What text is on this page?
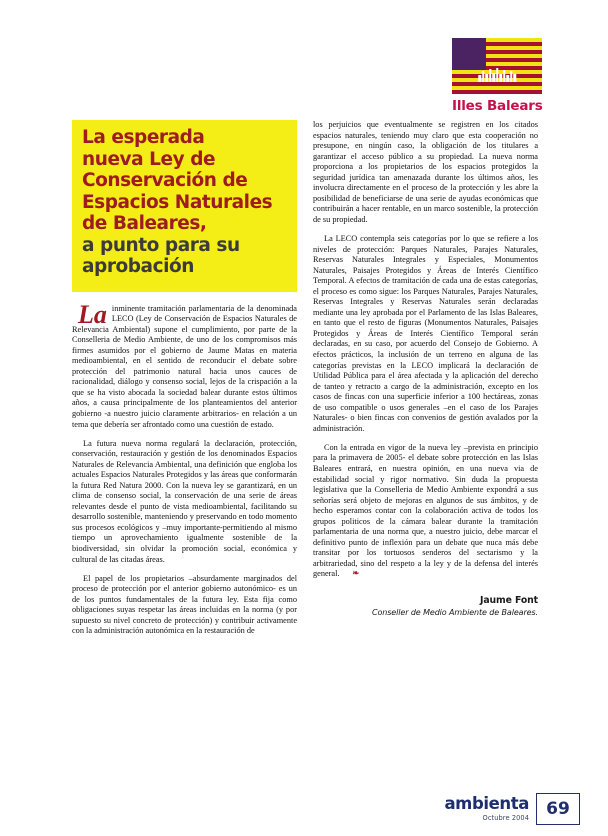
Illes Balears
La esperada
nueva Ley de
Conservación de
Espacios Naturales
de Baleares,
a punto para su
aprobación

La inminente tramitación parlamentaria de la denominada LECO (Ley de Conservación de Espacios Naturales de Relevancia Ambiental) supone el cumplimiento, por parte de la Conselleria de Medio Ambiente, de uno de los compromisos más firmes asumidos por el gobierno de Jaume Matas en materia medioambiental, en el sentido de reconducir el debate sobre protección del patrimonio natural hacia unos cauces de racionalidad, diálogo y consenso social, lejos de la crispación a la que se ha visto abocada la sociedad balear durante estos últimos años, a causa principalmente de los planteamientos del anterior gobierno -a nuestro juicio claramente arbitrarios- en relación a un tema que debería ser afrontado como una cuestión de estado.

La futura nueva norma regulará la declaración, protección, conservación, restauración y gestión de los denominados Espacios Naturales de Relevancia Ambiental, una definición que engloba los actuales Espacios Naturales Protegidos y las áreas que conformarán la futura Red Natura 2000. Con la nueva ley se garantizará, en un clima de consenso social, la conservación de una serie de áreas relevantes desde el punto de vista medioambiental, facilitando su desarrollo sostenible, manteniendo y preservando en todo momento sus procesos ecológicos y –muy importante-permitiendo al mismo tiempo un aprovechamiento igualmente sostenible de la biodiversidad, sin olvidar la promoción social, económica y cultural de las citadas áreas.

El papel de los propietarios –absurdamente marginados del proceso de protección por el anterior gobierno autonómico- es un de los puntos fundamentales de la futura ley. Esta fija como obligaciones suyas respetar las áreas incluidas en la norma (y por supuesto su nivel concreto de protección) y contribuir activamente con la administración autonómica en la restauración de

los perjuicios que eventualmente se registren en los citados espacios naturales, teniendo muy claro que esta cooperación no presupone, en ningún caso, la obligación de los titulares a garantizar el acceso público a su propiedad. La nueva norma proporciona a los propietarios de los espacios protegidos la seguridad jurídica tan amenazada durante los últimos años, les involucra directamente en el proceso de la protección y les abre la posibilidad de beneficiarse de una serie de ayudas económicas que contribuirán a hacer rentable, en un marco sostenible, la protección de su propiedad.

La LECO contempla seis categorías por lo que se refiere a los niveles de protección: Parques Naturales, Parajes Naturales, Reservas Naturales Integrales y Especiales, Monumentos Naturales, Paisajes Protegidos y Áreas de Interés Científico Temporal. A efectos de tramitación de cada una de estas categorías, el proceso es como sigue: los Parques Naturales, Parajes Naturales, Reservas Integrales y Reservas Naturales serán declaradas mediante una ley aprobada por el Parlamento de las Islas Baleares, en tanto que el resto de figuras (Monumentos Naturales, Paisajes Protegidos y Áreas de Interés Científico Temporal serán declaradas, en su caso, por acuerdo del Consejo de Gobierno. A efectos prácticos, la inclusión de un terreno en alguna de las categorías previstas en la LECO implicará la declaración de Utilidad Pública para el área afectada y la aplicación del derecho de tanteo y retracto a cargo de la administración, excepto en los casos de fincas con una superficie inferior a 100 hectáreas, zonas de uso compatible o usos generales –en el caso de los Parajes Naturales- o bien fincas con convenios de gestión avalados por la administración.

Con la entrada en vigor de la nueva ley –prevista en principio para la primavera de 2005- el debate sobre protección en las Islas Baleares entrará, en nuestra opinión, en una nueva via de estabilidad social y rigor normativo. Sin duda la propuesta legislativa que la Conselleria de Medio Ambiente expondrá a sus señorías será objeto de mejoras en algunos de sus ámbitos, y de hecho esperamos contar con la colaboración activa de todos los grupos politicos de la cámara balear durante la tramitación parlamentaria de una norma que, a nuestro juicio, debe marcar el definitivo punto de inflexión para un debate que nuca más debe transitar por los tortuosos senderos del sectarismo y la arbitrariedad, sino del respeto a la ley y de la defensa del interés general. ❧

Jaume Font
Conseller de Medio Ambiente de Baleares.
ambienta
Octubre 2004	69
